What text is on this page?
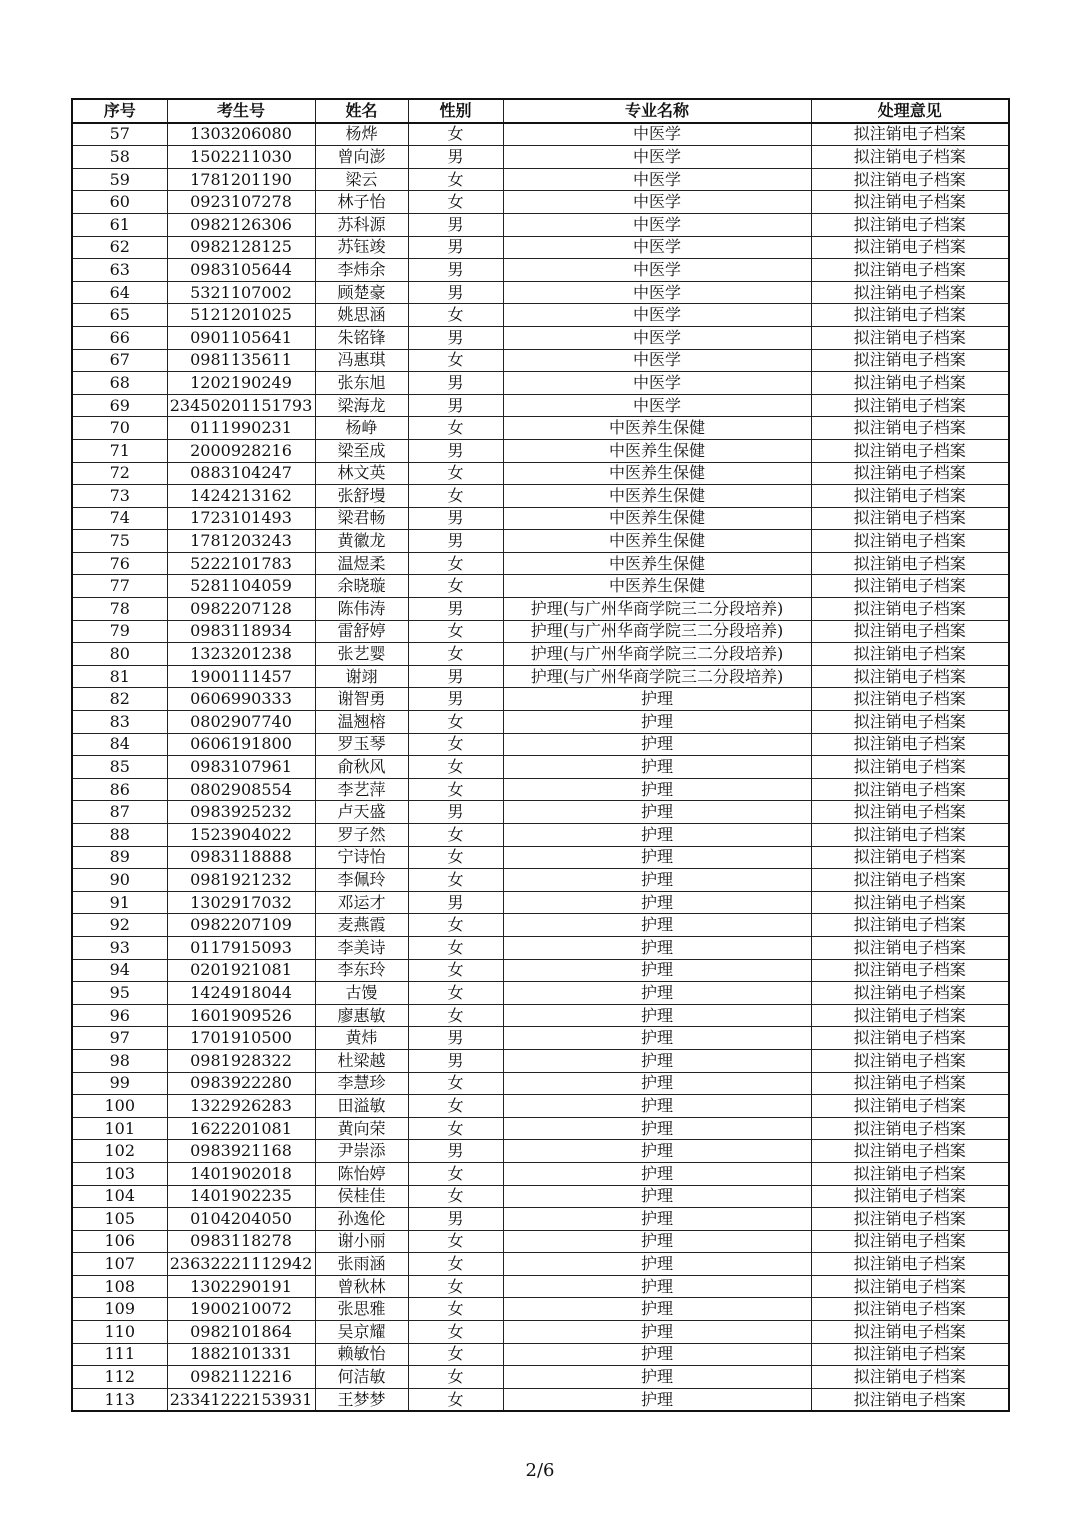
序号	考生号	姓名	性别	专业名称	处理意见
57	1303206080	杨烨	女	中医学	拟注销电子档案
58	1502211030	曾向澎	男	中医学	拟注销电子档案
59	1781201190	梁云	女	中医学	拟注销电子档案
60	0923107278	林子怡	女	中医学	拟注销电子档案
61	0982126306	苏科源	男	中医学	拟注销电子档案
62	0982128125	苏钰竣	男	中医学	拟注销电子档案
63	0983105644	李炜余	男	中医学	拟注销电子档案
64	5321107002	顾楚豪	男	中医学	拟注销电子档案
65	5121201025	姚思涵	女	中医学	拟注销电子档案
66	0901105641	朱铭锋	男	中医学	拟注销电子档案
67	0981135611	冯惠琪	女	中医学	拟注销电子档案
68	1202190249	张东旭	男	中医学	拟注销电子档案
69	23450201151793	梁海龙	男	中医学	拟注销电子档案
70	0111990231	杨峥	女	中医养生保健	拟注销电子档案
71	2000928216	梁至成	男	中医养生保健	拟注销电子档案
72	0883104247	林文英	女	中医养生保健	拟注销电子档案
73	1424213162	张舒墁	女	中医养生保健	拟注销电子档案
74	1723101493	梁君畅	男	中医养生保健	拟注销电子档案
75	1781203243	黄徽龙	男	中医养生保健	拟注销电子档案
76	5222101783	温煜柔	女	中医养生保健	拟注销电子档案
77	5281104059	余晓璇	女	中医养生保健	拟注销电子档案
78	0982207128	陈伟涛	男	护理(与广州华商学院三二分段培养)	拟注销电子档案
79	0983118934	雷舒婷	女	护理(与广州华商学院三二分段培养)	拟注销电子档案
80	1323201238	张艺婴	女	护理(与广州华商学院三二分段培养)	拟注销电子档案
81	1900111457	谢翊	男	护理(与广州华商学院三二分段培养)	拟注销电子档案
82	0606990333	谢智勇	男	护理	拟注销电子档案
83	0802907740	温翘榕	女	护理	拟注销电子档案
84	0606191800	罗玉琴	女	护理	拟注销电子档案
85	0983107961	俞秋风	女	护理	拟注销电子档案
86	0802908554	李艺萍	女	护理	拟注销电子档案
87	0983925232	卢天盛	男	护理	拟注销电子档案
88	1523904022	罗子然	女	护理	拟注销电子档案
89	0983118888	宁诗怡	女	护理	拟注销电子档案
90	0981921232	李佩玲	女	护理	拟注销电子档案
91	1302917032	邓运才	男	护理	拟注销电子档案
92	0982207109	麦燕霞	女	护理	拟注销电子档案
93	0117915093	李美诗	女	护理	拟注销电子档案
94	0201921081	李东玲	女	护理	拟注销电子档案
95	1424918044	古馒	女	护理	拟注销电子档案
96	1601909526	廖惠敏	女	护理	拟注销电子档案
97	1701910500	黄炜	男	护理	拟注销电子档案
98	0981928322	杜梁越	男	护理	拟注销电子档案
99	0983922280	李慧珍	女	护理	拟注销电子档案
100	1322926283	田溢敏	女	护理	拟注销电子档案
101	1622201081	黄向荣	女	护理	拟注销电子档案
102	0983921168	尹崇添	男	护理	拟注销电子档案
103	1401902018	陈怡婷	女	护理	拟注销电子档案
104	1401902235	侯桂佳	女	护理	拟注销电子档案
105	0104204050	孙逸伦	男	护理	拟注销电子档案
106	0983118278	谢小丽	女	护理	拟注销电子档案
107	23632221112942	张雨涵	女	护理	拟注销电子档案
108	1302290191	曾秋林	女	护理	拟注销电子档案
109	1900210072	张思雅	女	护理	拟注销电子档案
110	0982101864	吴京耀	女	护理	拟注销电子档案
111	1882101331	赖敏怡	女	护理	拟注销电子档案
112	0982112216	何洁敏	女	护理	拟注销电子档案
113	23341222153931	王梦梦	女	护理	拟注销电子档案
2/6
